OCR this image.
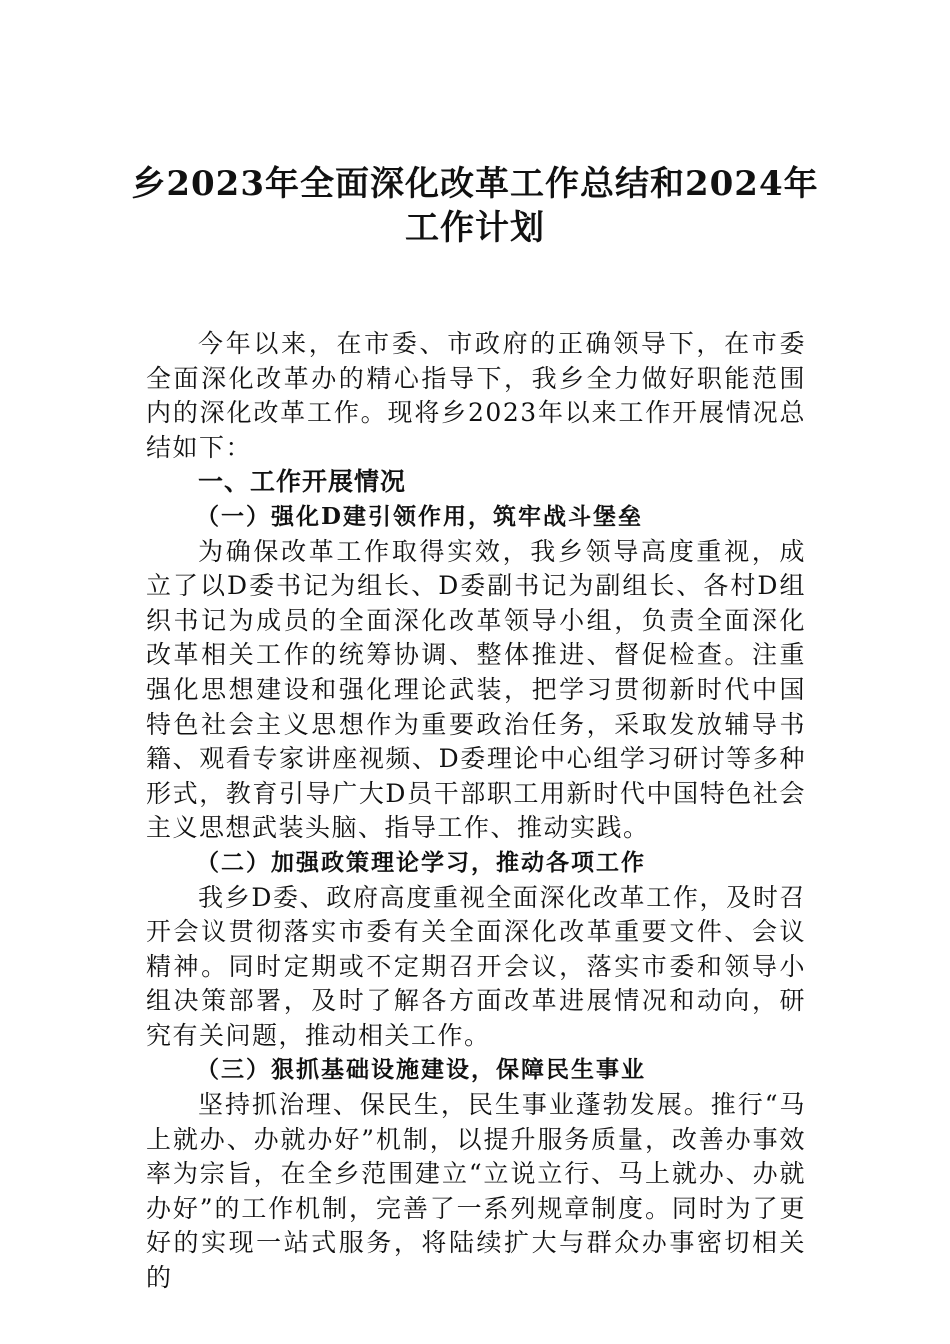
乡2023年全面深化改革工作总结和2024年
工作计划

今年以来，在市委、市政府的正确领导下，在市委全面深化改革办的精心指导下，我乡全力做好职能范围内的深化改革工作。现将乡2023年以来工作开展情况总结如下：

一、工作开展情况

（一）强化D建引领作用，筑牢战斗堡垒

为确保改革工作取得实效，我乡领导高度重视，成立了以D委书记为组长、D委副书记为副组长、各村D组织书记为成员的全面深化改革领导小组，负责全面深化改革相关工作的统筹协调、整体推进、督促检查。注重强化思想建设和强化理论武装，把学习贯彻新时代中国特色社会主义思想作为重要政治任务，采取发放辅导书籍、观看专家讲座视频、D委理论中心组学习研讨等多种形式，教育引导广大D员干部职工用新时代中国特色社会主义思想武装头脑、指导工作、推动实践。

（二）加强政策理论学习，推动各项工作

我乡D委、政府高度重视全面深化改革工作，及时召开会议贯彻落实市委有关全面深化改革重要文件、会议精神。同时定期或不定期召开会议，落实市委和领导小组决策部署，及时了解各方面改革进展情况和动向，研究有关问题，推动相关工作。

（三）狠抓基础设施建设，保障民生事业

坚持抓治理、保民生，民生事业蓬勃发展。推行“马上就办、办就办好”机制，以提升服务质量，改善办事效率为宗旨，在全乡范围建立“立说立行、马上就办、办就办好”的工作机制，完善了一系列规章制度。同时为了更好的实现一站式服务，将陆续扩大与群众办事密切相关的
